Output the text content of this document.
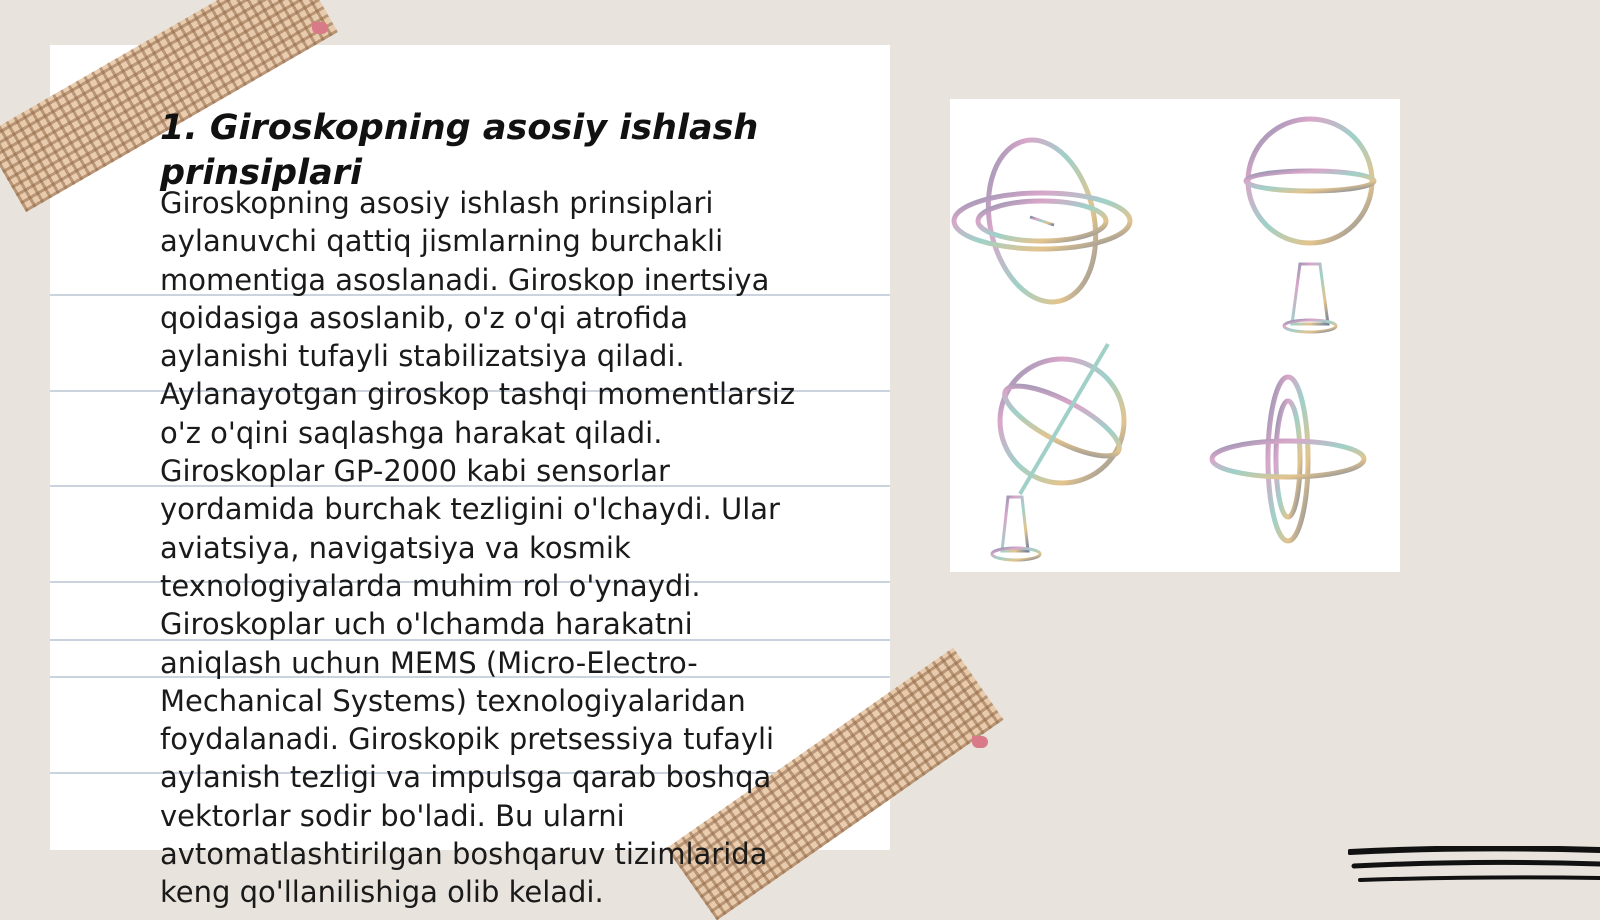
1. Giroskopning asosiy ishlash prinsiplari

Giroskopning asosiy ishlash prinsiplari aylanuvchi qattiq jismlarning burchakli momentiga asoslanadi. Giroskop inertsiya qoidasiga asoslanib, o'z o'qi atrofida aylanishi tufayli stabilizatsiya qiladi. Aylanayotgan giroskop tashqi momentlarsiz o'z o'qini saqlashga harakat qiladi. Giroskoplar GP-2000 kabi sensorlar yordamida burchak tezligini o'lchaydi. Ular aviatsiya, navigatsiya va kosmik texnologiyalarda muhim rol o'ynaydi. Giroskoplar uch o'lchamda harakatni aniqlash uchun MEMS (Micro-Electro-Mechanical Systems) texnologiyalaridan foydalanadi. Giroskopik pretsessiya tufayli aylanish tezligi va impulsga qarab boshqa vektorlar sodir bo'ladi. Bu ularni avtomatlashtirilgan boshqaruv tizimlarida keng qo'llanilishiga olib keladi.
